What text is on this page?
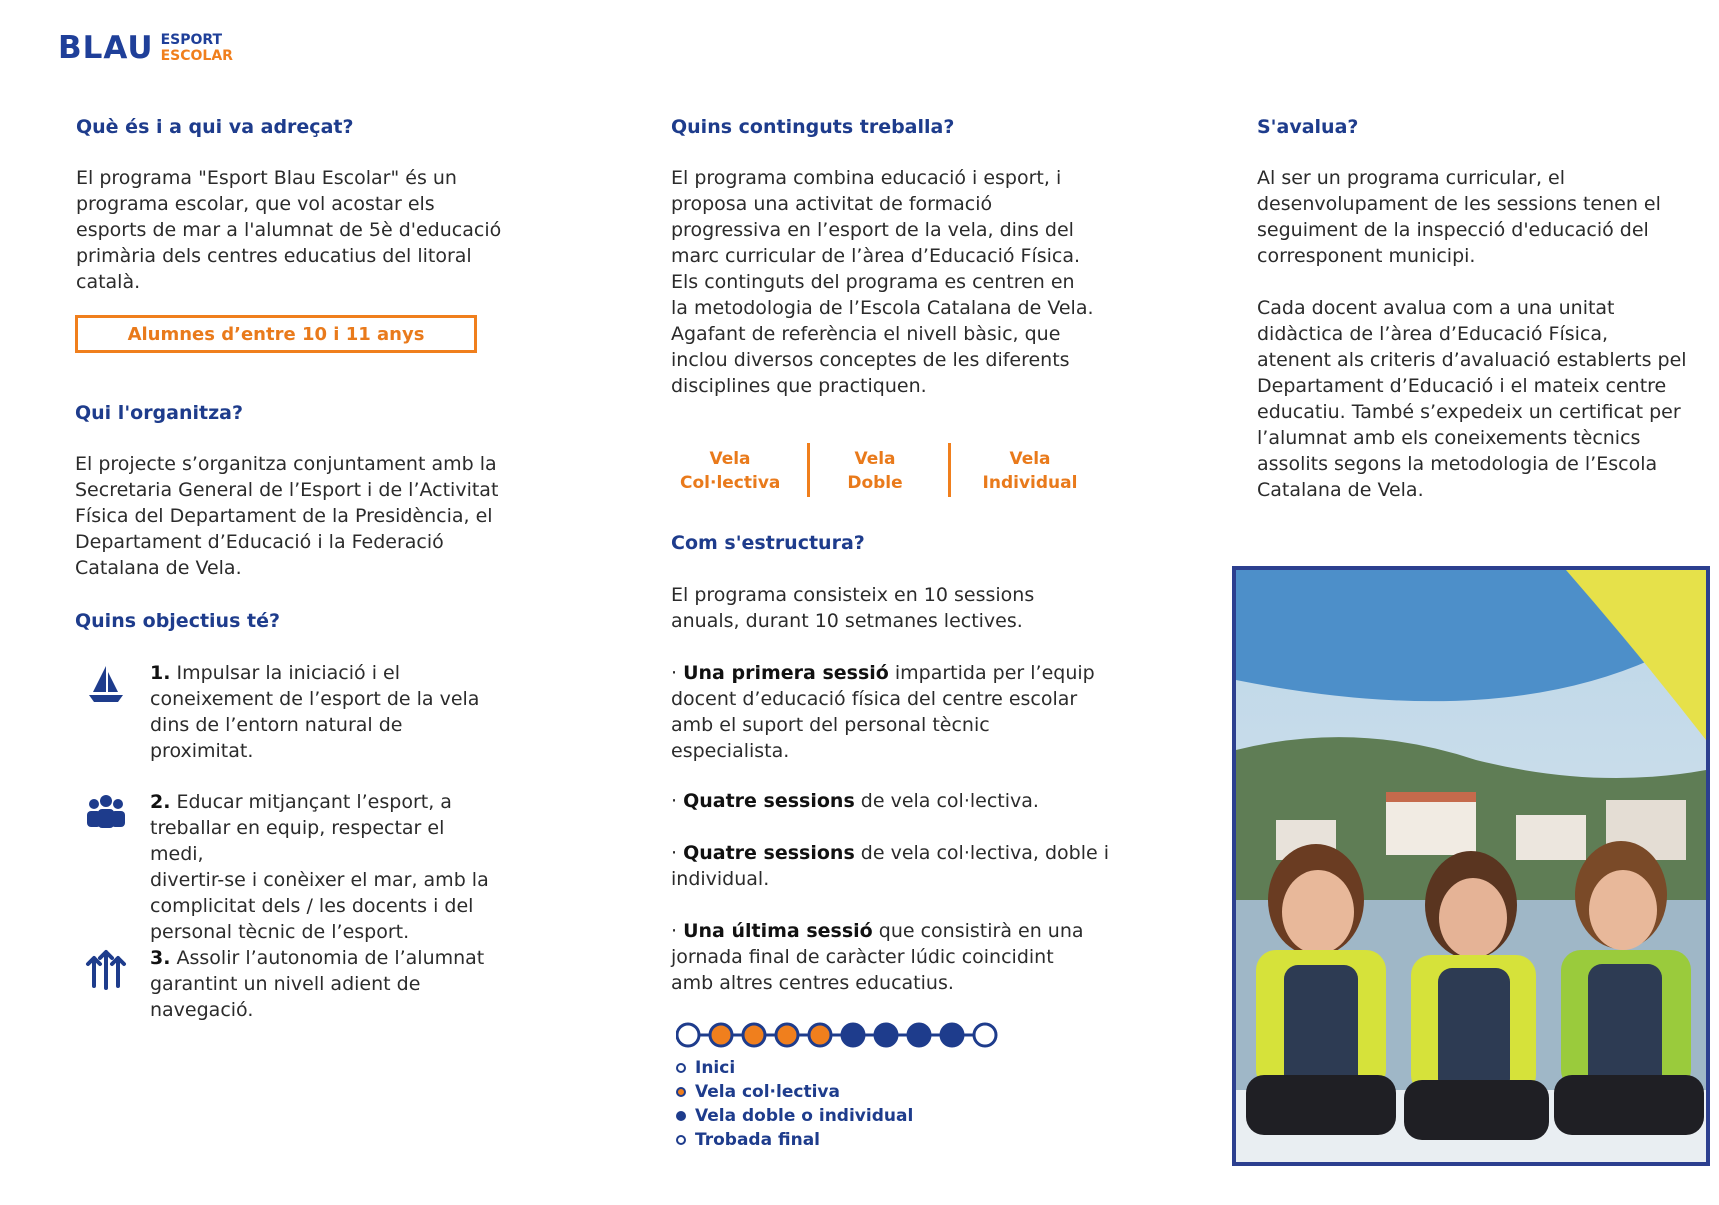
BLAU ESPORT
ESCOLAR
Què és i a qui va adreçat?

El programa "Esport Blau Escolar" és un
programa escolar, que vol acostar els
esports de mar a l'alumnat de 5è d'educació
primària dels centres educatius del litoral
català.

Alumnes d’entre 10 i 11 anys
Qui l'organitza?

El projecte s’organitza conjuntament amb la
Secretaria General de l’Esport i de l’Activitat
Física del Departament de la Presidència, el
Departament d’Educació i la Federació
Catalana de Vela.

Quins objectius té?

1. Impulsar la iniciació i el
coneixement de l’esport de la vela
dins de l’entorn natural de
proximitat.

2. Educar mitjançant l’esport, a
treballar en equip, respectar el medi,
divertir-se i conèixer el mar, amb la
complicitat dels / les docents i del
personal tècnic de l’esport.

3. Assolir l’autonomia de l’alumnat
garantint un nivell adient de
navegació.

Quins continguts treballa?

El programa combina educació i esport, i
proposa una activitat de formació
progressiva en l’esport de la vela, dins del
marc curricular de l’àrea d’Educació Física.
Els continguts del programa es centren en
la metodologia de l’Escola Catalana de Vela.
Agafant de referència el nivell bàsic, que
inclou diversos conceptes de les diferents
disciplines que practiquen.

Vela
Col·lectiva
Vela
Doble
Vela
Individual
Com s'estructura?

El programa consisteix en 10 sessions
anuals, durant 10 setmanes lectives.

· Una primera sessió impartida per l’equip
docent d’educació física del centre escolar
amb el suport del personal tècnic
especialista.

· Quatre sessions de vela col·lectiva.

· Quatre sessions de vela col·lectiva, doble i
individual.

· Una última sessió que consistirà en una
jornada final de caràcter lúdic coincidint
amb altres centres educatius.

Inici
Vela col·lectiva
Vela doble o individual
Trobada final
S'avalua?

Al ser un programa curricular, el
desenvolupament de les sessions tenen el
seguiment de la inspecció d'educació del
corresponent municipi.

Cada docent avalua com a una unitat
didàctica de l’àrea d’Educació Física,
atenent als criteris d’avaluació establerts pel
Departament d’Educació i el mateix centre
educatiu. També s’expedeix un certificat per
l’alumnat amb els coneixements tècnics
assolits segons la metodologia de l’Escola
Catalana de Vela.
